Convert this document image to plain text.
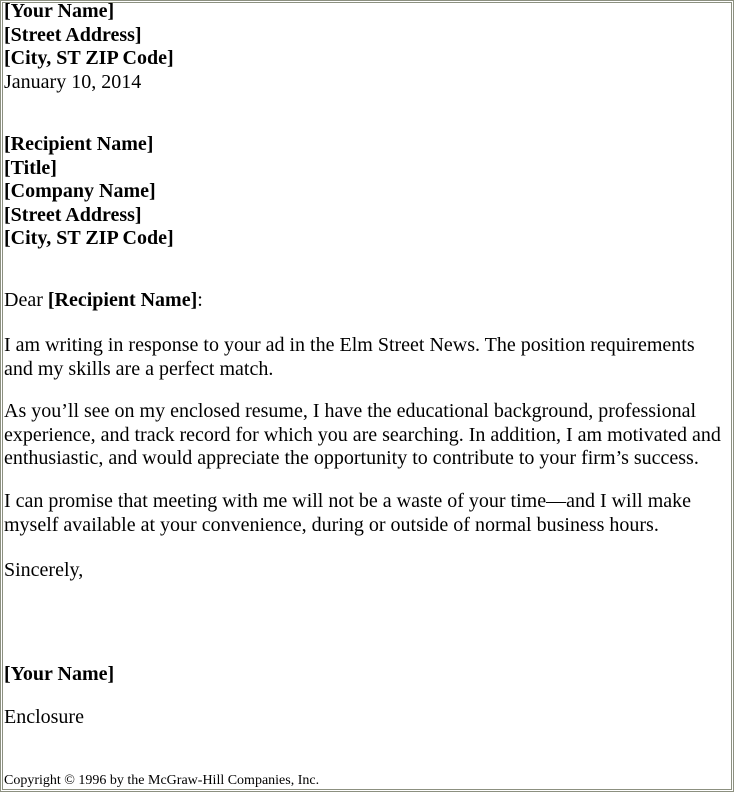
[Your Name]
[Street Address]
[City, ST ZIP Code]
January 10, 2014
[Recipient Name]
[Title]
[Company Name]
[Street Address]
[City, ST ZIP Code]
Dear [Recipient Name]:
I am writing in response to your ad in the Elm Street News. The position requirements
and my skills are a perfect match.
As you’ll see on my enclosed resume, I have the educational background, professional
experience, and track record for which you are searching. In addition, I am motivated and
enthusiastic, and would appreciate the opportunity to contribute to your firm’s success.
I can promise that meeting with me will not be a waste of your time—and I will make
myself available at your convenience, during or outside of normal business hours.
Sincerely,
[Your Name]
Enclosure
Copyright © 1996 by the McGraw-Hill Companies, Inc.
